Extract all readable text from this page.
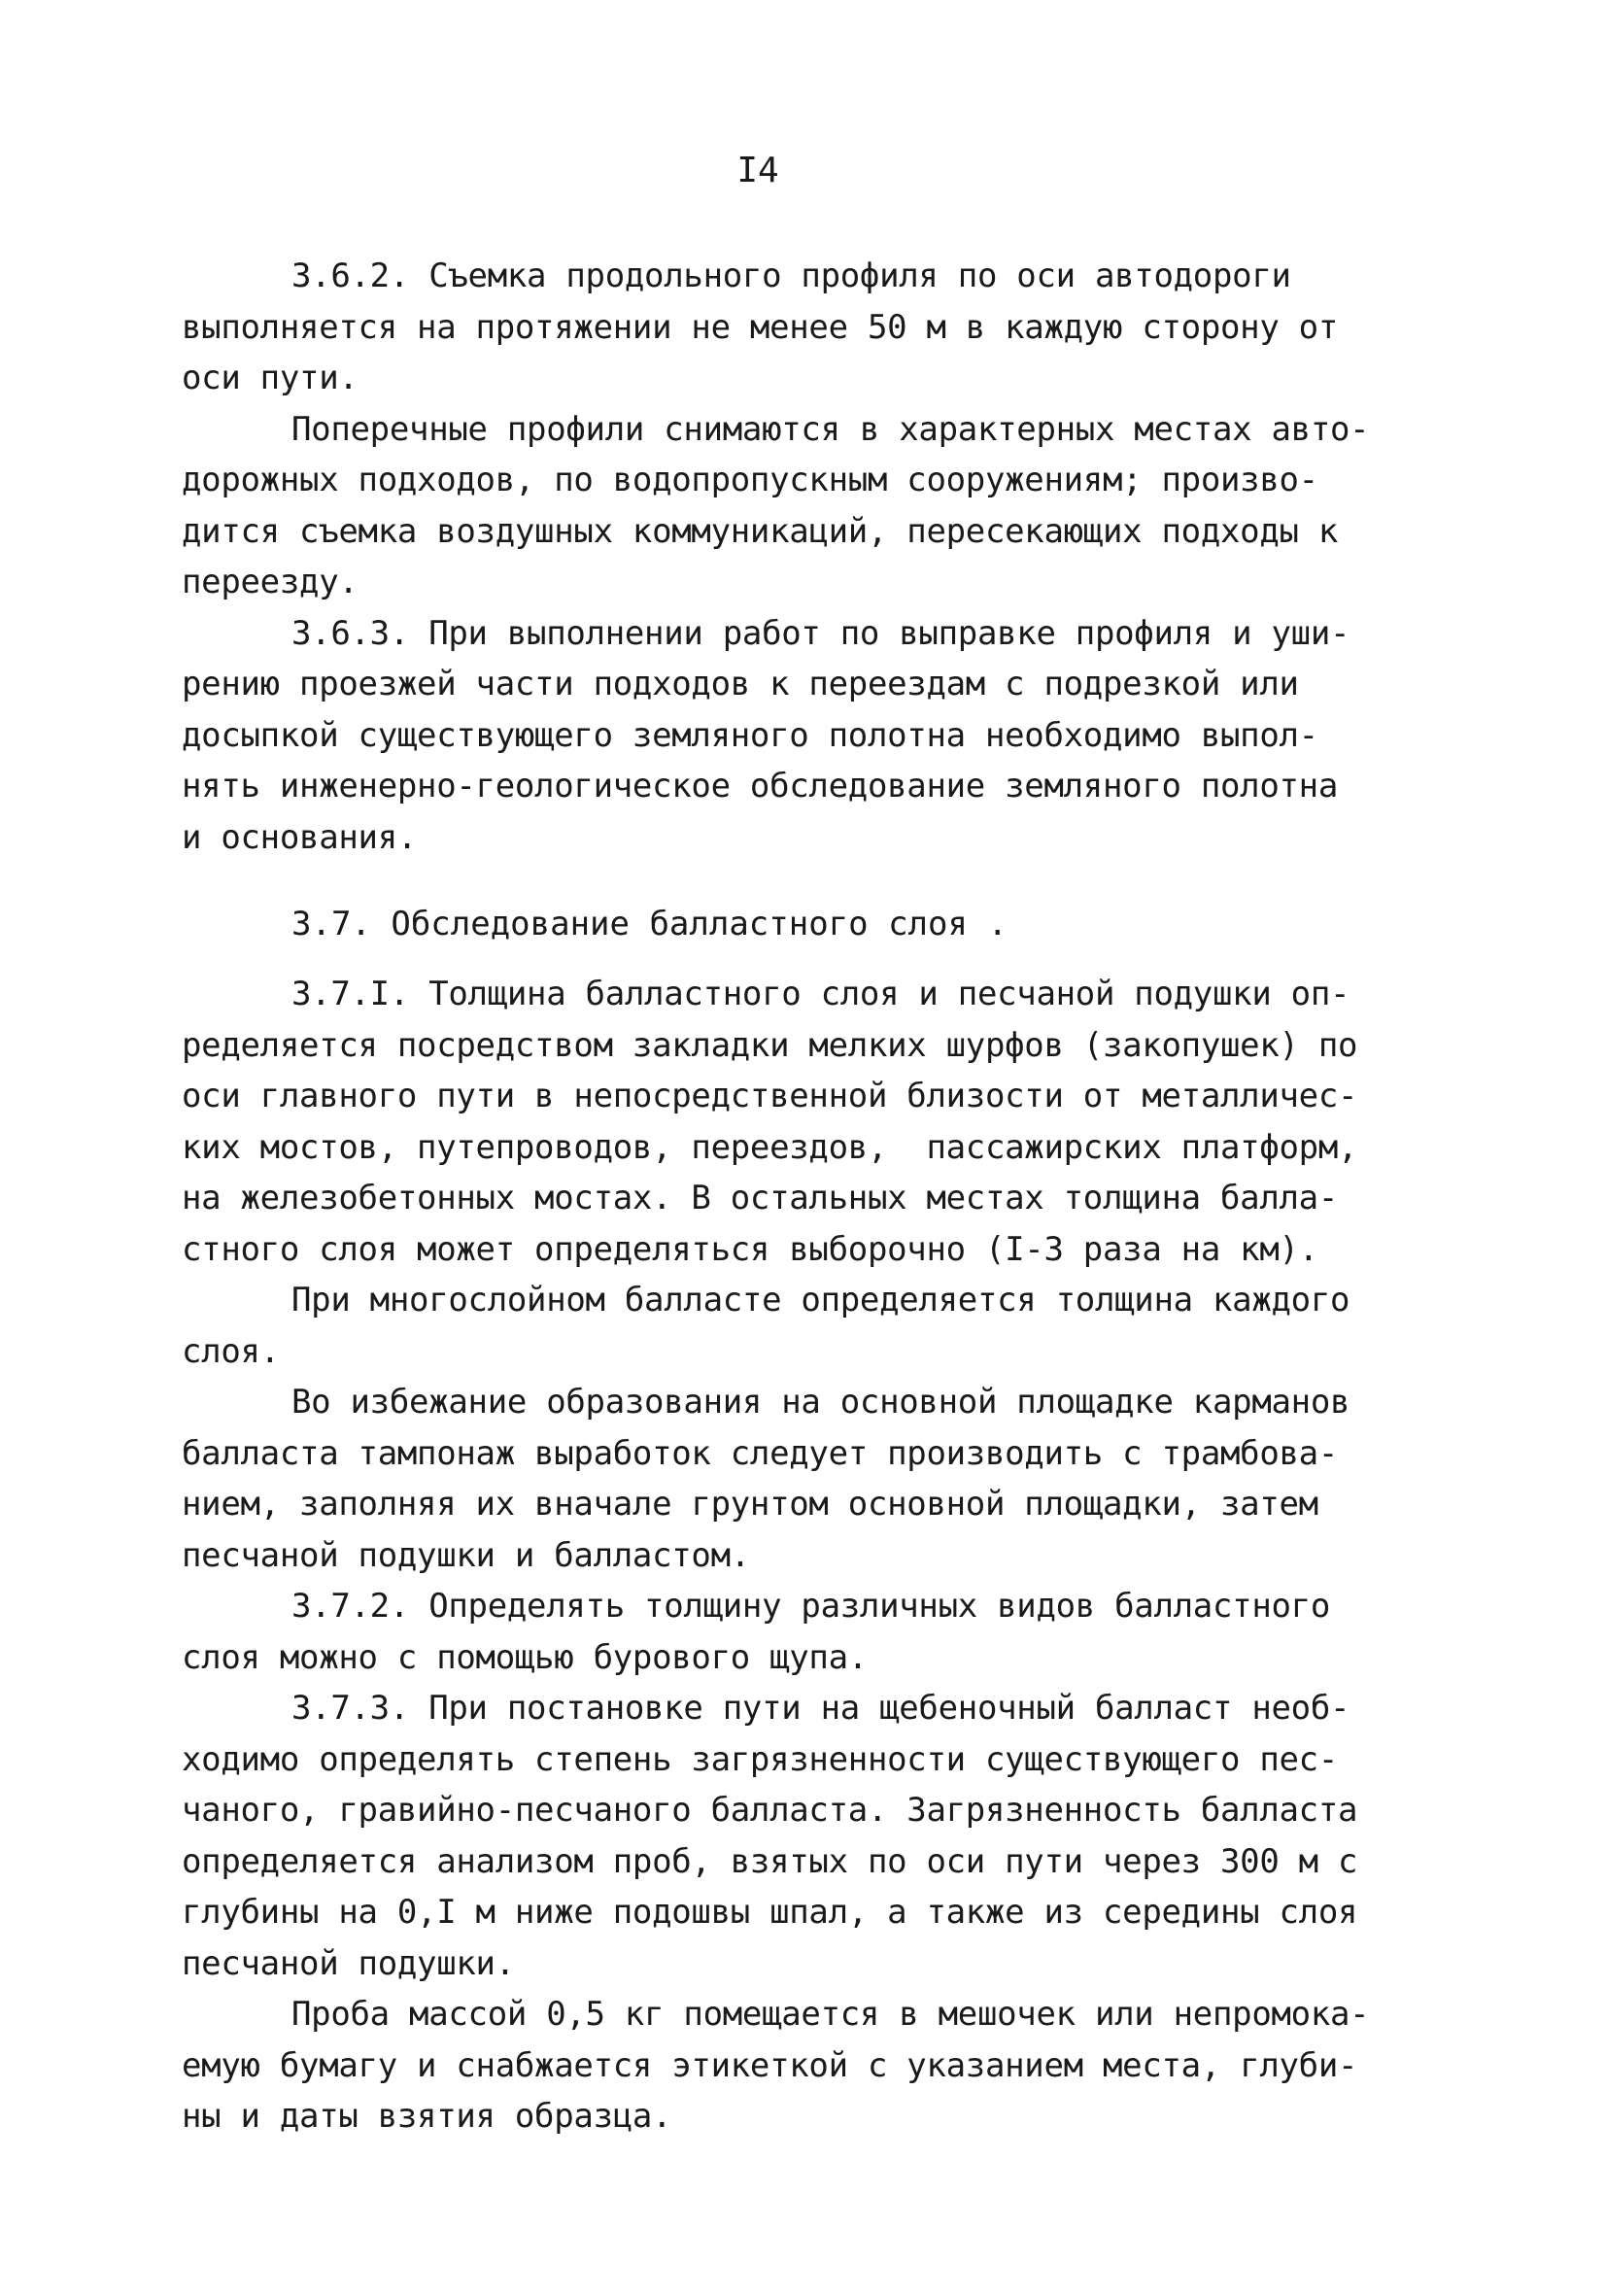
I4
3.6.2. Съемка продольного профиля по оси автодороги
выполняется на протяжении не менее 50 м в каждую сторону от
оси пути.
Поперечные профили снимаются в характерных местах авто-
дорожных подходов, по водопропускным сооружениям; произво-
дится съемка воздушных коммуникаций, пересекающих подходы к
переезду.
3.6.3. При выполнении работ по выправке профиля и уши-
рению проезжей части подходов к переездам с подрезкой или
досыпкой существующего земляного полотна необходимо выпол-
нять инженерно-геологическое обследование земляного полотна
и основания.
3.7. Обследование балластного слоя .
3.7.I. Толщина балластного слоя и песчаной подушки оп-
ределяется посредством закладки мелких шурфов (закопушек) по
оси главного пути в непосредственной близости от металличес-
ких мостов, путепроводов, переездов,  пассажирских платформ,
на железобетонных мостах. В остальных местах толщина балла-
стного слоя может определяться выборочно (I-3 раза на км).
При многослойном балласте определяется толщина каждого
слоя.
Во избежание образования на основной площадке карманов
балласта тампонаж выработок следует производить с трамбова-
нием, заполняя их вначале грунтом основной площадки, затем
песчаной подушки и балластом.
3.7.2. Определять толщину различных видов балластного
слоя можно с помощью бурового щупа.
3.7.3. При постановке пути на щебеночный балласт необ-
ходимо определять степень загрязненности существующего пес-
чаного, гравийно-песчаного балласта. Загрязненность балласта
определяется анализом проб, взятых по оси пути через 300 м с
глубины на 0,I м ниже подошвы шпал, а также из середины слоя
песчаной подушки.
Проба массой 0,5 кг помещается в мешочек или непромока-
емую бумагу и снабжается этикеткой с указанием места, глуби-
ны и даты взятия образца.
